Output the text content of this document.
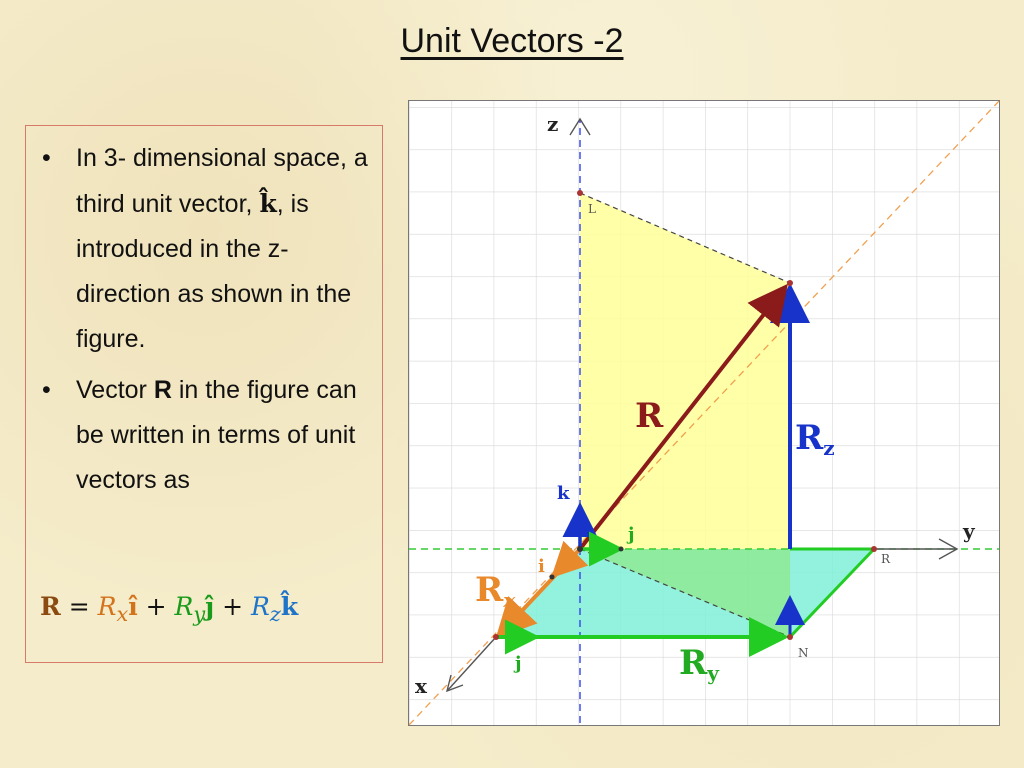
Unit Vectors -2
• In 3- dimensional space, a third unit vector, k̂, is introduced in the z-direction as shown in the figure.
• Vector R in the figure can be written in terms of unit vectors as
$R = R_xî$ + $R_yĵ$ + $R_zk̂$
L
R
N
z
y
x
k
j
i
j
R
Rz
Rx
Ry
